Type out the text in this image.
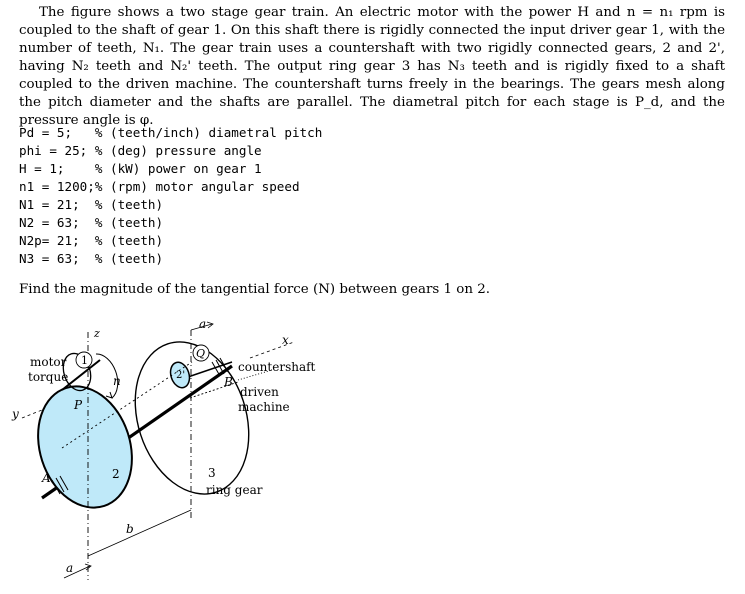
The figure shows a two stage gear train. An electric motor with the power H and n = n₁ rpm is coupled to the shaft of gear 1. On this shaft there is rigidly connected the input driver gear 1, with the number of teeth, N₁. The gear train uses a countershaft with two rigidly connected gears, 2 and 2', having N₂ teeth and N₂' teeth. The output ring gear 3 has N₃ teeth and is rigidly fixed to a shaft coupled to the driven machine. The countershaft turns freely in the bearings. The gears mesh along the pitch diameter and the shafts are parallel. The diametral pitch for each stage is P_d, and the pressure angle is φ.

Pd = 5;   % (teeth/inch) diametral pitch
phi = 25; % (deg) pressure angle
H = 1;    % (kW) power on gear 1
n1 = 1200;% (rpm) motor angular speed
N1 = 21;  % (teeth)
N2 = 63;  % (teeth)
N2p= 21;  % (teeth)
N3 = 63;  % (teeth)
Find the magnitude of the tangential force (N) between gears 1 on 2.
motor
torque
1
n
z
y
x
P
A	2
2'
Q
B
countershaft
driven
machine
3
ring gear
a
a
b
